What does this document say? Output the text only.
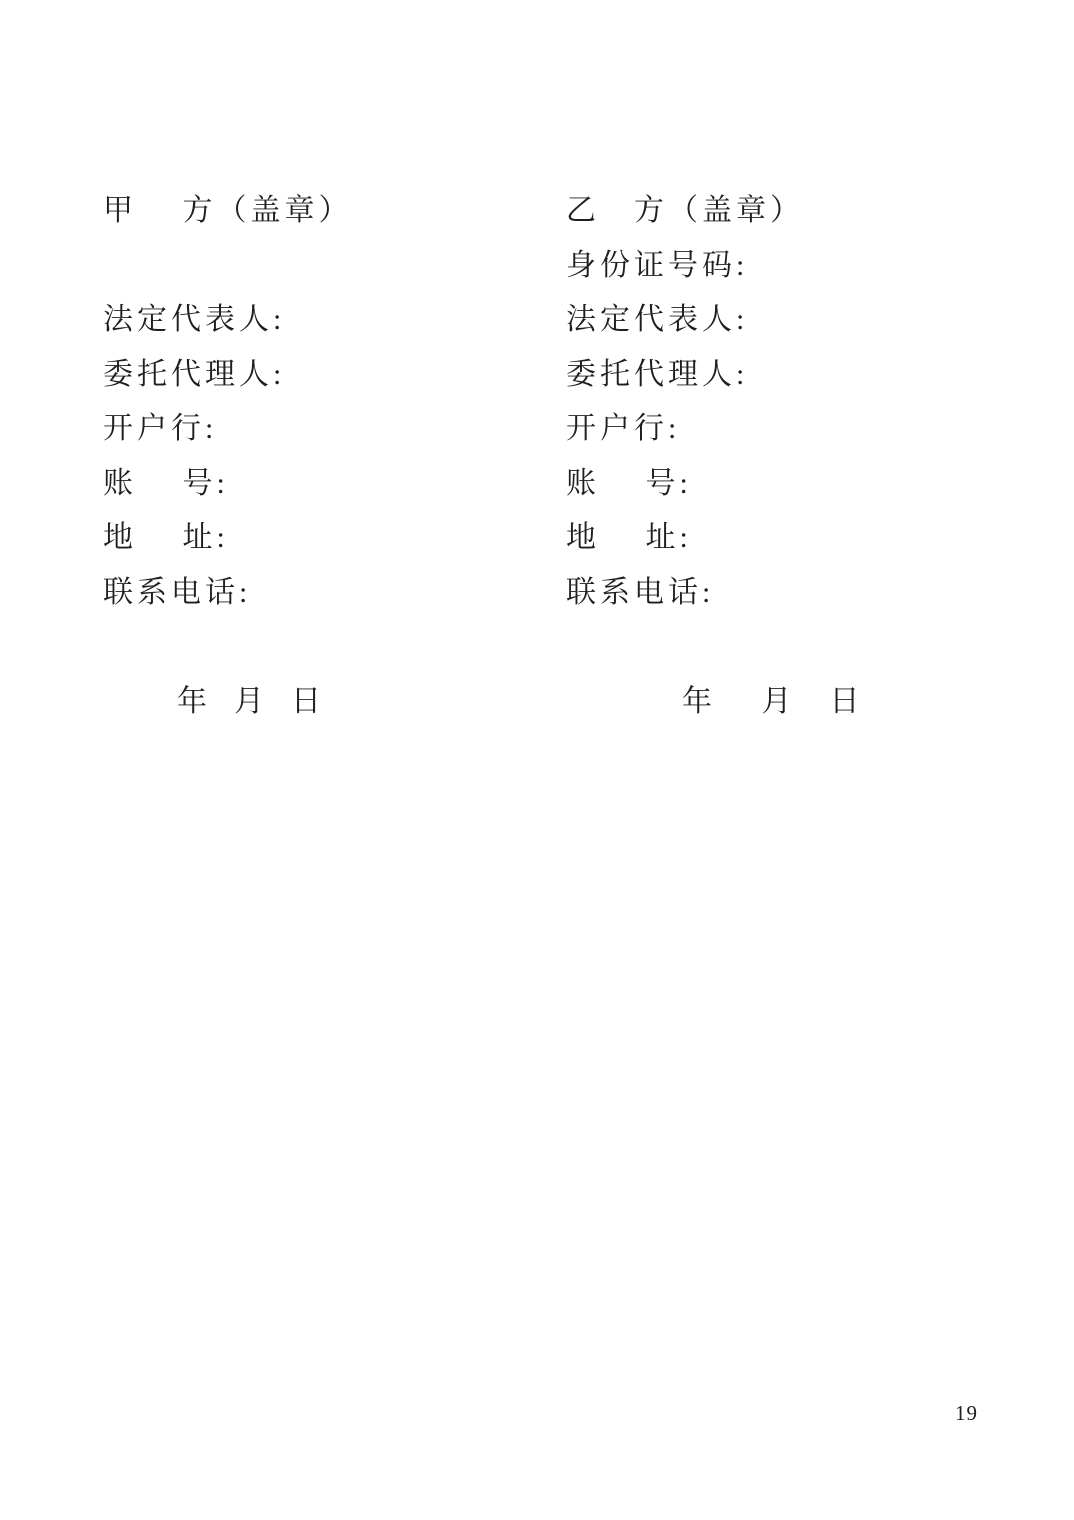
甲　 方（盖章）
法定代表人:
委托代理人:
开户行:
账　 号:
地　 址:
联系电话:
年  月  日
乙　方（盖章）
身份证号码:
法定代表人:
委托代理人:
开户行:
账　 号:
地　 址:
联系电话:
年　 月　日
19
